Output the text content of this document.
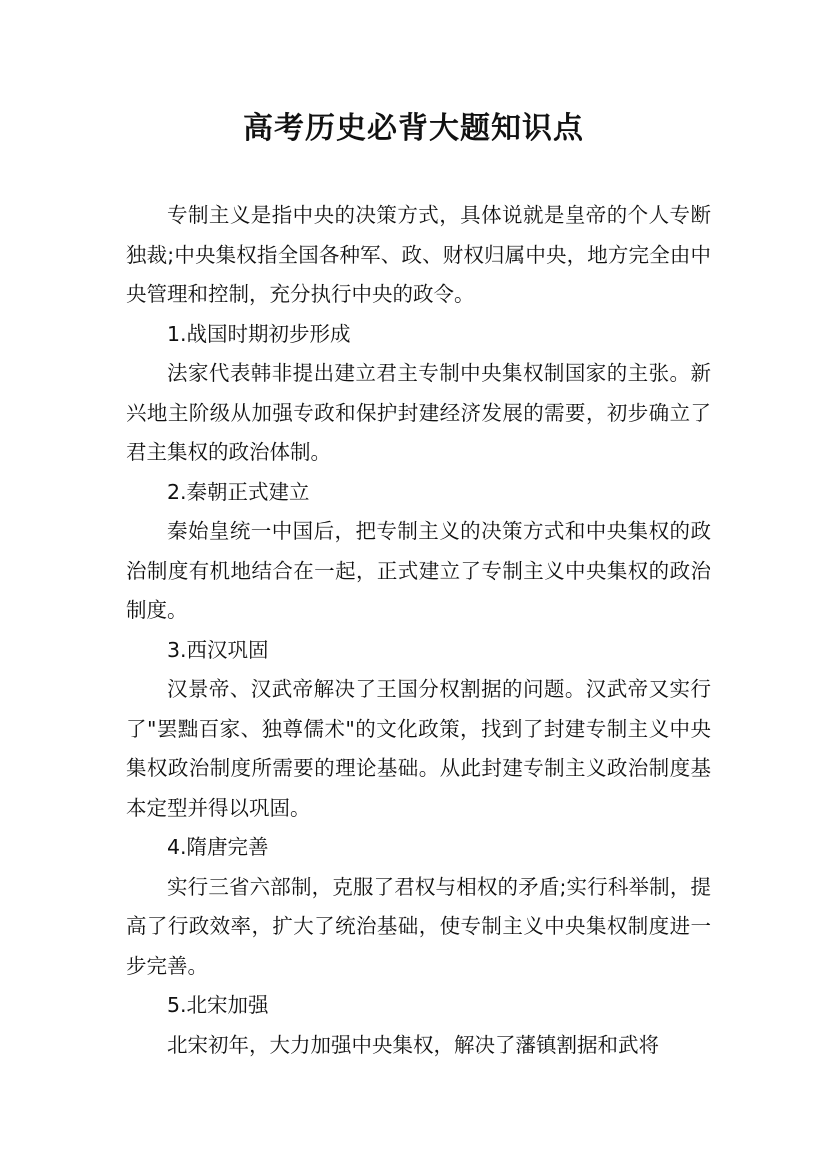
高考历史必背大题知识点

专制主义是指中央的决策方式，具体说就是皇帝的个人专断独裁;中央集权指全国各种军、政、财权归属中央，地方完全由中央管理和控制，充分执行中央的政令。

1.战国时期初步形成

法家代表韩非提出建立君主专制中央集权制国家的主张。新兴地主阶级从加强专政和保护封建经济发展的需要，初步确立了君主集权的政治体制。

2.秦朝正式建立

秦始皇统一中国后，把专制主义的决策方式和中央集权的政治制度有机地结合在一起，正式建立了专制主义中央集权的政治制度。

3.西汉巩固

汉景帝、汉武帝解决了王国分权割据的问题。汉武帝又实行了"罢黜百家、独尊儒术"的文化政策，找到了封建专制主义中央集权政治制度所需要的理论基础。从此封建专制主义政治制度基本定型并得以巩固。

4.隋唐完善

实行三省六部制，克服了君权与相权的矛盾;实行科举制，提高了行政效率，扩大了统治基础，使专制主义中央集权制度进一步完善。

5.北宋加强

北宋初年，大力加强中央集权，解决了藩镇割据和武将
